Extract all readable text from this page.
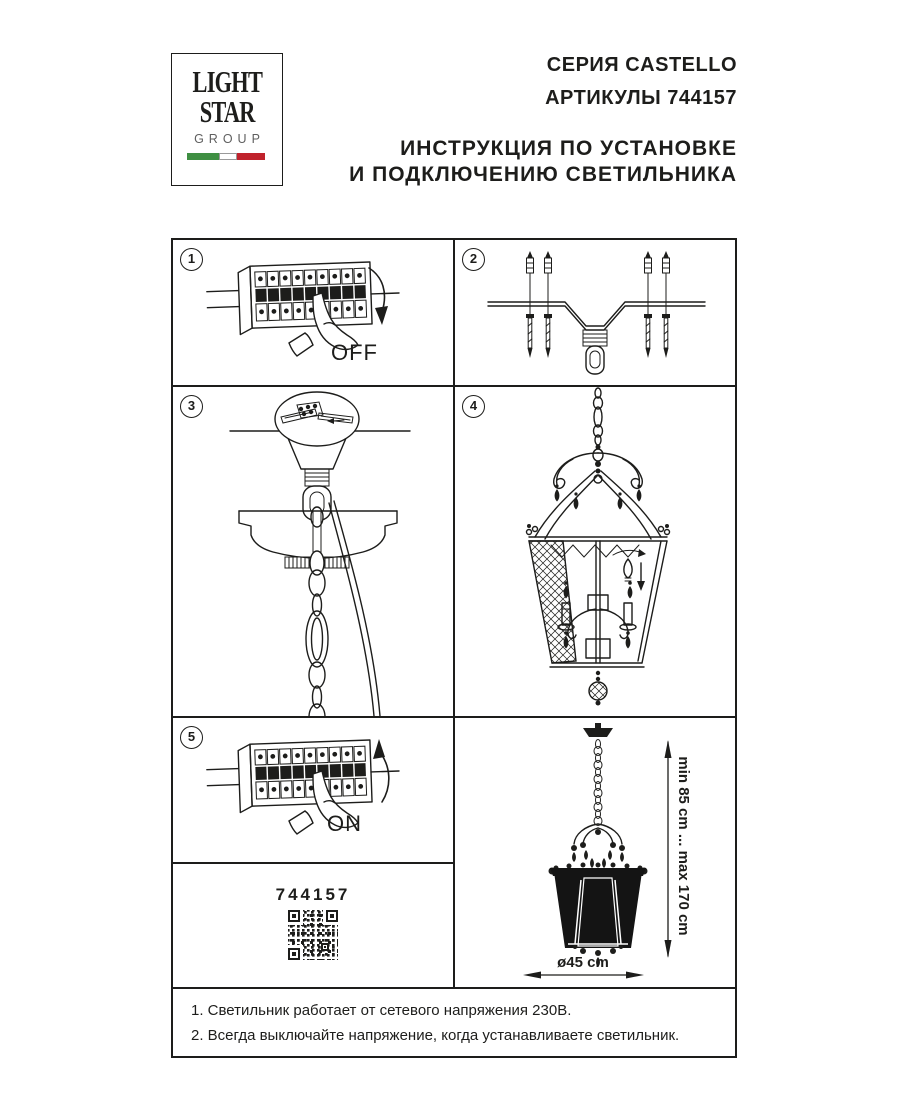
LIGHT
STAR
GROUP
СЕРИЯ CASTELLO
АРТИКУЛЫ 744157
ИНСТРУКЦИЯ ПО УСТАНОВКЕ
И ПОДКЛЮЧЕНИЮ СВЕТИЛЬНИКА
1
OFF
2
3	4
5
ON
744157	min 85 cm ... max 170 cm
ø45 cm
1. Светильник работает от сетевого напряжения 230В.
2. Всегда выключайте напряжение, когда устанавливаете светильник.
